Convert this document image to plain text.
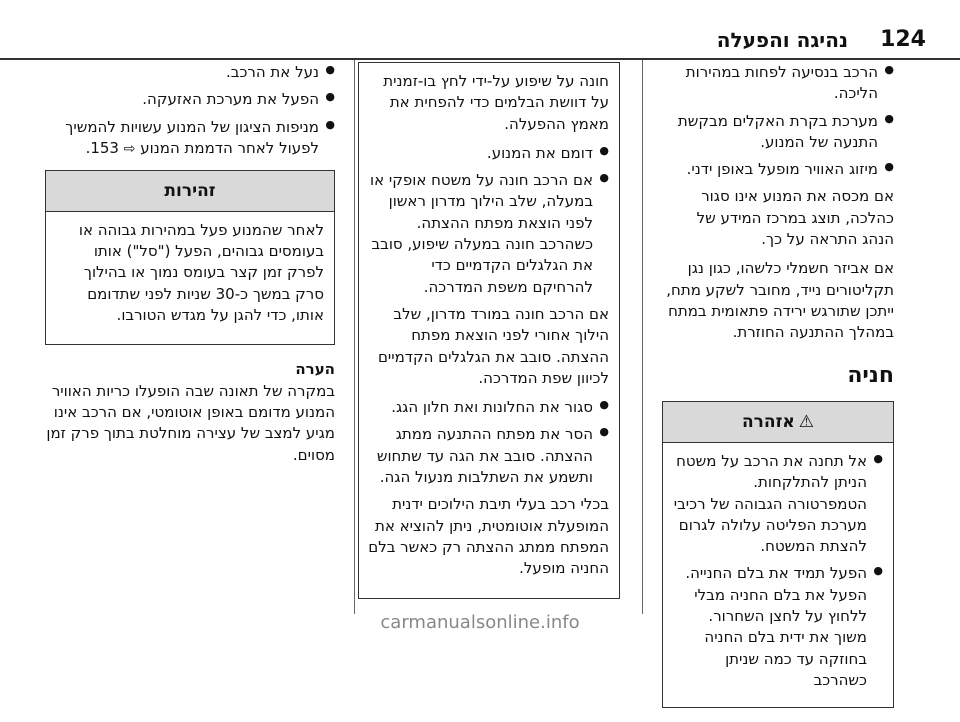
124
נהיגה והפעלה
● הרכב בנסיעה לפחות במהירות הליכה.
● מערכת בקרת האקלים מבקשת התנעה של המנוע.
● מיזוג האוויר מופעל באופן ידני.

אם מכסה את המנוע אינו סגור כהלכה, תוצג במרכז המידע של הנהג התראה על כך.

אם אביזר חשמלי כלשהו, כגון נגן תקליטורים נייד, מחובר לשקע מתח, ייתכן שתורגש ירידה פתאומית במתח במהלך ההתנעה החוזרת.

חניה
⚠ אזהרה
● אל תחנה את הרכב על משטח הניתן להתלקחות. הטמפרטורה הגבוהה של רכיבי מערכת הפליטה עלולה לגרום להצתת המשטח.
● הפעל תמיד את בלם החנייה. הפעל את בלם החניה מבלי ללחוץ על לחצן השחרור. משוך את ידית בלם החניה בחוזקה עד כמה שניתן כשהרכב

חונה על שיפוע על-ידי לחץ בו-זמנית על דוושת הבלמים כדי להפחית את מאמץ ההפעלה.

● דומם את המנוע.
● אם הרכב חונה על משטח אופקי או במעלה, שלב הילוך מדרון ראשון לפני הוצאת מפתח ההצתה. כשהרכב חונה במעלה שיפוע, סובב את הגלגלים הקדמיים כדי להרחיקם משפת המדרכה.

אם הרכב חונה במורד מדרון, שלב הילוך אחורי לפני הוצאת מפתח ההצתה. סובב את הגלגלים הקדמיים לכיוון שפת המדרכה.

● סגור את החלונות ואת חלון הגג.
● הסר את מפתח ההתנעה ממתג ההצתה. סובב את הגה עד שתחוש ותשמע את השתלבות מנעול הגה.

בכלי רכב בעלי תיבת הילוכים ידנית המופעלת אוטומטית, ניתן להוציא את המפתח ממתג ההצתה רק כאשר בלם החניה מופעל.

● נעל את הרכב.
● הפעל את מערכת האזעקה.
● מניפות הציגון של המנוע עשויות להמשיך לפעול לאחר הדממת המנוע ⇨ 153.
זהירות

לאחר שהמנוע פעל במהירות גבוהה או בעומסים גבוהים, הפעל ("סל") אותו לפרק זמן קצר בעומס נמוך או בהילוך סרק במשך כ-30 שניות לפני שתדומם אותו, כדי להגן על מגדש הטורבו.

הערה

במקרה של תאונה שבה הופעלו כריות האוויר המנוע מדומם באופן אוטומטי, אם הרכב אינו מגיע למצב של עצירה מוחלטת בתוך פרק זמן מסוים.

carmanualsonline.info
